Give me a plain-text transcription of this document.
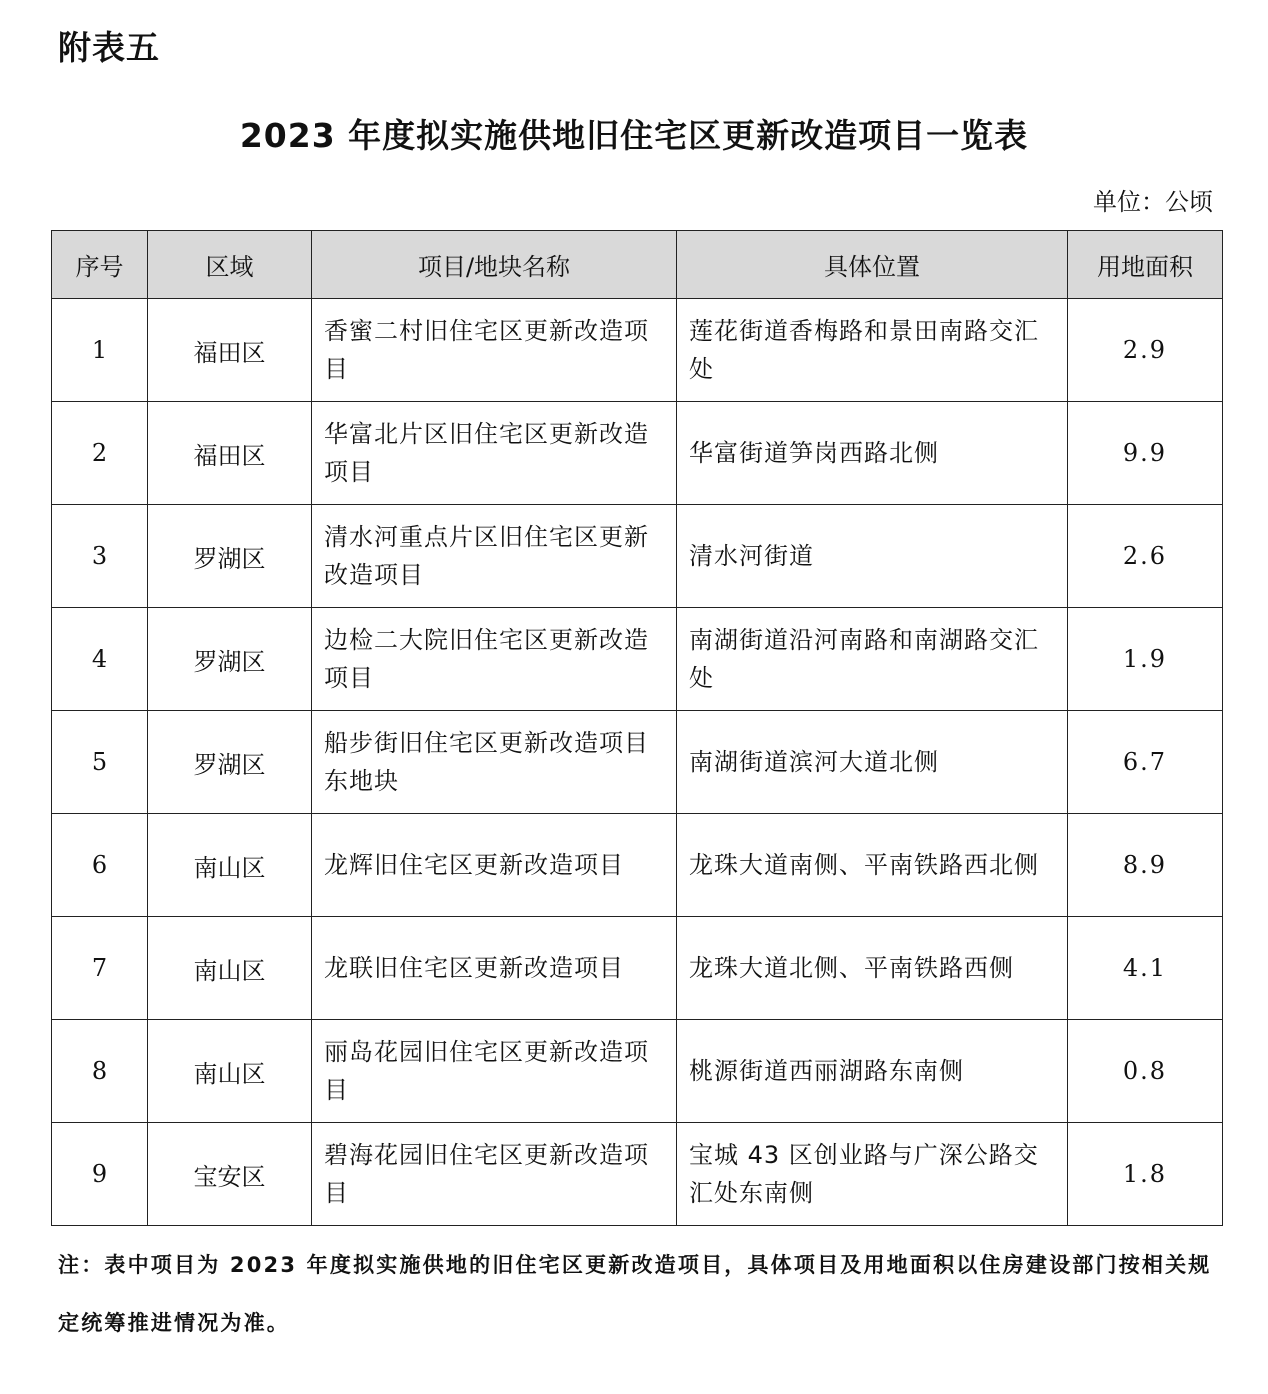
附表五
2023 年度拟实施供地旧住宅区更新改造项目一览表
单位：公顷
序号	区域	项目/地块名称	具体位置	用地面积
1	福田区	香蜜二村旧住宅区更新改造项目	莲花街道香梅路和景田南路交汇处	2.9
2	福田区	华富北片区旧住宅区更新改造项目	华富街道笋岗西路北侧	9.9
3	罗湖区	清水河重点片区旧住宅区更新改造项目	清水河街道	2.6
4	罗湖区	边检二大院旧住宅区更新改造项目	南湖街道沿河南路和南湖路交汇处	1.9
5	罗湖区	船步街旧住宅区更新改造项目东地块	南湖街道滨河大道北侧	6.7
6	南山区	龙辉旧住宅区更新改造项目	龙珠大道南侧、平南铁路西北侧	8.9
7	南山区	龙联旧住宅区更新改造项目	龙珠大道北侧、平南铁路西侧	4.1
8	南山区	丽岛花园旧住宅区更新改造项目	桃源街道西丽湖路东南侧	0.8
9	宝安区	碧海花园旧住宅区更新改造项目	宝城 43 区创业路与广深公路交汇处东南侧	1.8
注：表中项目为 2023 年度拟实施供地的旧住宅区更新改造项目，具体项目及用地面积以住房建设部门按相关规定统筹推进情况为准。
